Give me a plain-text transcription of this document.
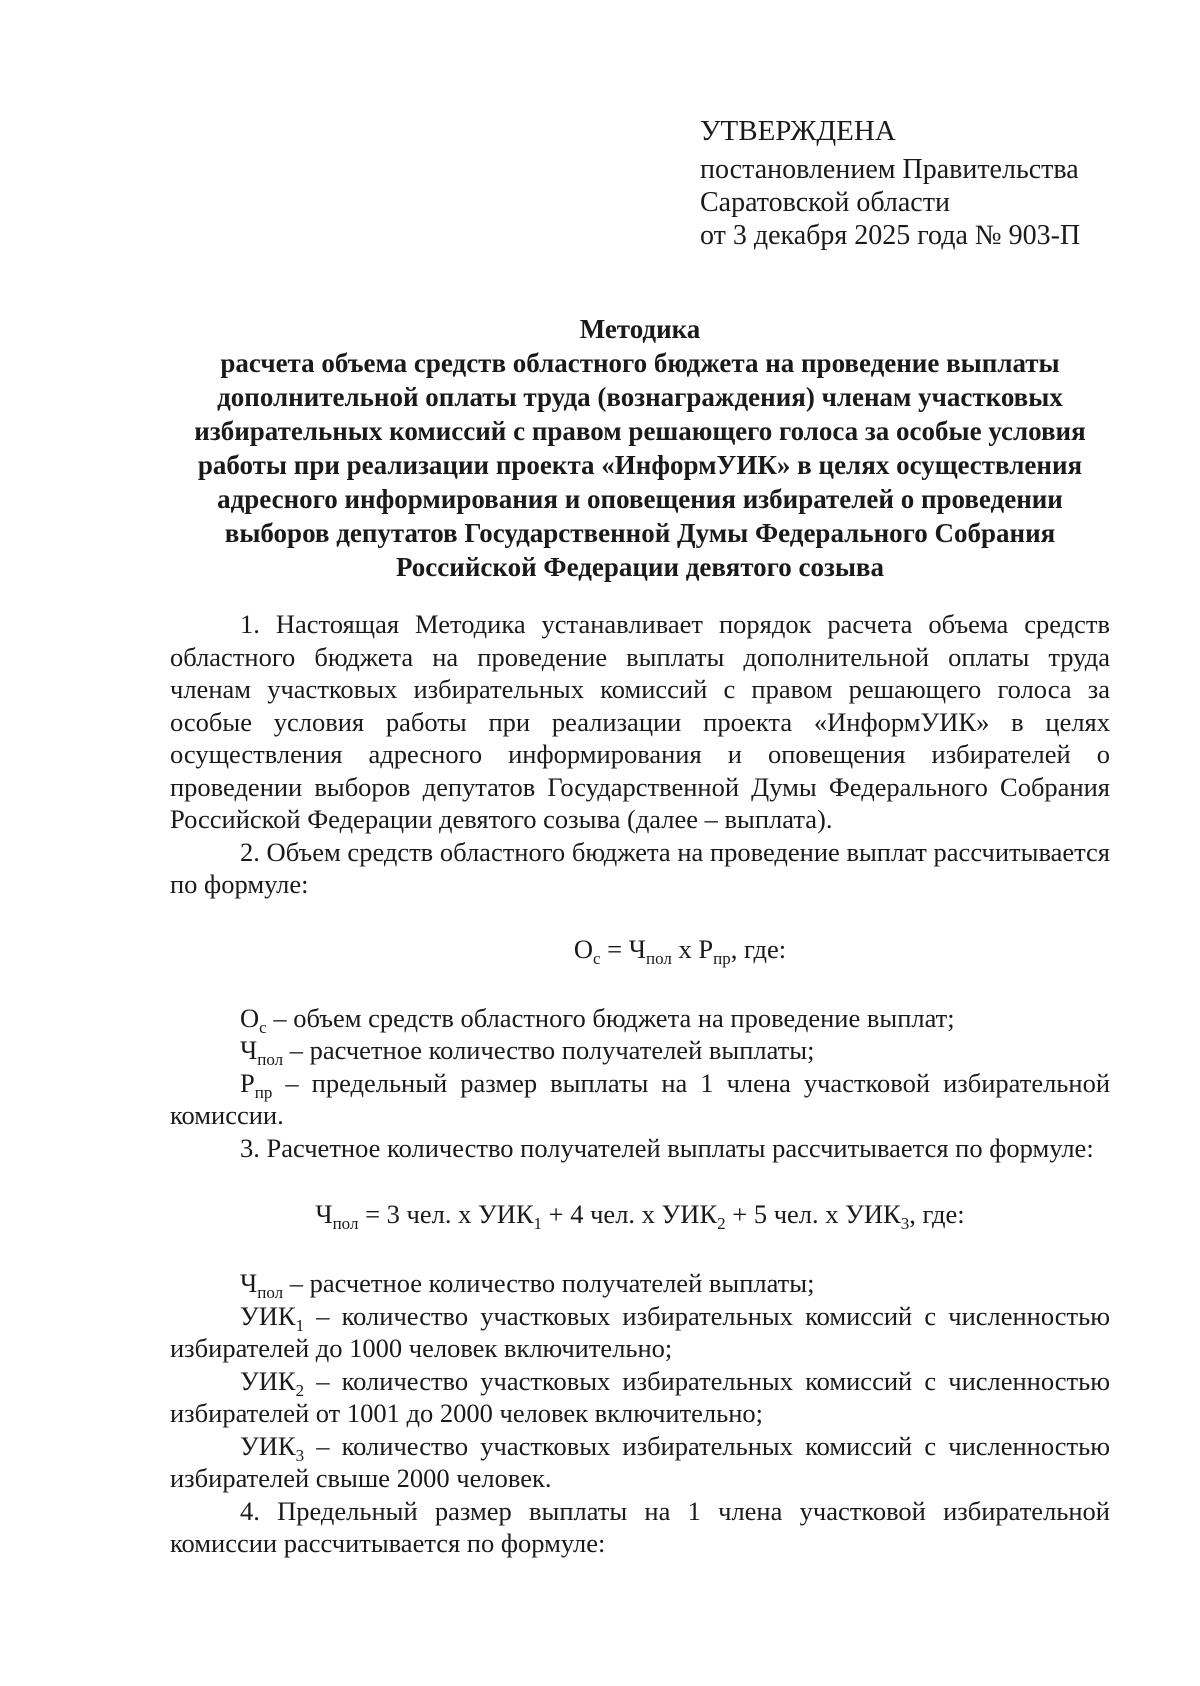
УТВЕРЖДЕНА
постановлением Правительства
Саратовской области
от 3 декабря 2025 года № 903-П
Методика
расчета объема средств областного бюджета на проведение выплаты
дополнительной оплаты труда (вознаграждения) членам участковых
избирательных комиссий с правом решающего голоса за особые условия
работы при реализации проекта «ИнформУИК» в целях осуществления
адресного информирования и оповещения избирателей о проведении
выборов депутатов Государственной Думы Федерального Собрания
Российской Федерации девятого созыва

1. Настоящая Методика устанавливает порядок расчета объема средств областного бюджета на проведение выплаты дополнительной оплаты труда членам участковых избирательных комиссий с правом решающего голоса за особые условия работы при реализации проекта «ИнформУИК» в целях осуществления адресного информирования и оповещения избирателей о проведении выборов депутатов Государственной Думы Федерального Собрания Российской Федерации девятого созыва (далее – выплата).

2. Объем средств областного бюджета на проведение выплат рассчитывается по формуле:

$О_с = Ч_{пол}$ х $Р_{пр}$, где:

$О_с$ – объем средств областного бюджета на проведение выплат;

$Ч_{пол}$ – расчетное количество получателей выплаты;

$Р_{пр}$ – предельный размер выплаты на 1 члена участковой избирательной комиссии.

3. Расчетное количество получателей выплаты рассчитывается по формуле:

$Ч_{пол} = 3$ чел. х $УИК_1 + 4$ чел. х $УИК_2 + 5$ чел. х $УИК_3$, где:

$Ч_{пол}$ – расчетное количество получателей выплаты;

$УИК_1$ – количество участковых избирательных комиссий с численностью избирателей до 1000 человек включительно;

$УИК_2$ – количество участковых избирательных комиссий с численностью избирателей от 1001 до 2000 человек включительно;

$УИК_3$ – количество участковых избирательных комиссий с численностью избирателей свыше 2000 человек.

4. Предельный размер выплаты на 1 члена участковой избирательной комиссии рассчитывается по формуле:
